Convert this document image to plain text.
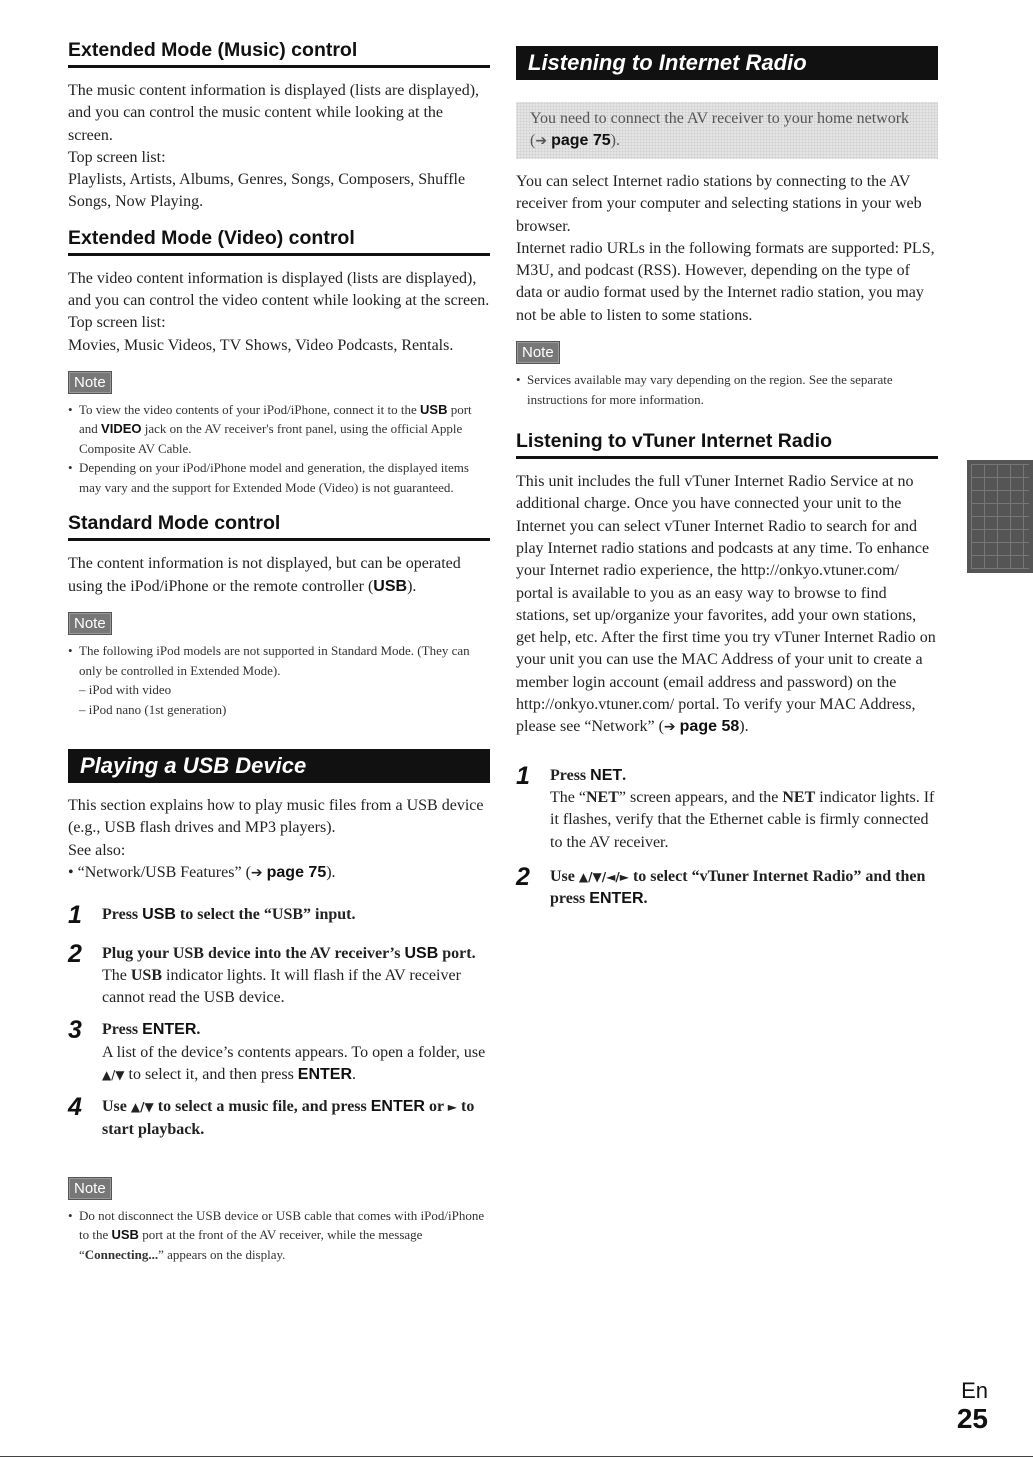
Extended Mode (Music) control

The music content information is displayed (lists are displayed), and you can control the music content while looking at the screen.

Top screen list:

Playlists, Artists, Albums, Genres, Songs, Composers, Shuffle Songs, Now Playing.

Extended Mode (Video) control

The video content information is displayed (lists are displayed), and you can control the video content while looking at the screen.

Top screen list:

Movies, Music Videos, TV Shows, Video Podcasts, Rentals.

Note
• To view the video contents of your iPod/iPhone, connect it to the USB port and VIDEO jack on the AV receiver's front panel, using the official Apple Composite AV Cable.
• Depending on your iPod/iPhone model and generation, the displayed items may vary and the support for Extended Mode (Video) is not guaranteed.
Standard Mode control

The content information is not displayed, but can be operated using the iPod/iPhone or the remote controller (USB).

Note
• The following iPod models are not supported in Standard Mode. (They can only be controlled in Extended Mode).
– iPod with video
– iPod nano (1st generation)
Playing a USB Device

This section explains how to play music files from a USB device (e.g., USB flash drives and MP3 players).

See also:

• “Network/USB Features” (➔ page 75).

1 Press USB to select the “USB” input.
2 Plug your USB device into the AV receiver’s USB port.
The USB indicator lights. It will flash if the AV receiver cannot read the USB device.
3 Press ENTER.
A list of the device’s contents appears. To open a folder, use ▲/▼ to select it, and then press ENTER.
4 Use ▲/▼ to select a music file, and press ENTER or ► to start playback.
Note
• Do not disconnect the USB device or USB cable that comes with iPod/iPhone to the USB port at the front of the AV receiver, while the message “Connecting...” appears on the display.
Listening to Internet Radio
You need to connect the AV receiver to your home network (➔ page 75).

You can select Internet radio stations by connecting to the AV receiver from your computer and selecting stations in your web browser.

Internet radio URLs in the following formats are supported: PLS, M3U, and podcast (RSS). However, depending on the type of data or audio format used by the Internet radio station, you may not be able to listen to some stations.

Note
• Services available may vary depending on the region. See the separate instructions for more information.
Listening to vTuner Internet Radio

This unit includes the full vTuner Internet Radio Service at no additional charge. Once you have connected your unit to the Internet you can select vTuner Internet Radio to search for and play Internet radio stations and podcasts at any time. To enhance your Internet radio experience, the http://onkyo.vtuner.com/ portal is available to you as an easy way to browse to find stations, set up/organize your favorites, add your own stations, get help, etc. After the first time you try vTuner Internet Radio on your unit you can use the MAC Address of your unit to create a member login account (email address and password) on the http://onkyo.vtuner.com/ portal. To verify your MAC Address, please see “Network” (➔ page 58).

1 Press NET.
The “NET” screen appears, and the NET indicator lights. If it flashes, verify that the Ethernet cable is firmly connected to the AV receiver.
2 Use ▲/▼/◄/► to select “vTuner Internet Radio” and then press ENTER.
En
25
